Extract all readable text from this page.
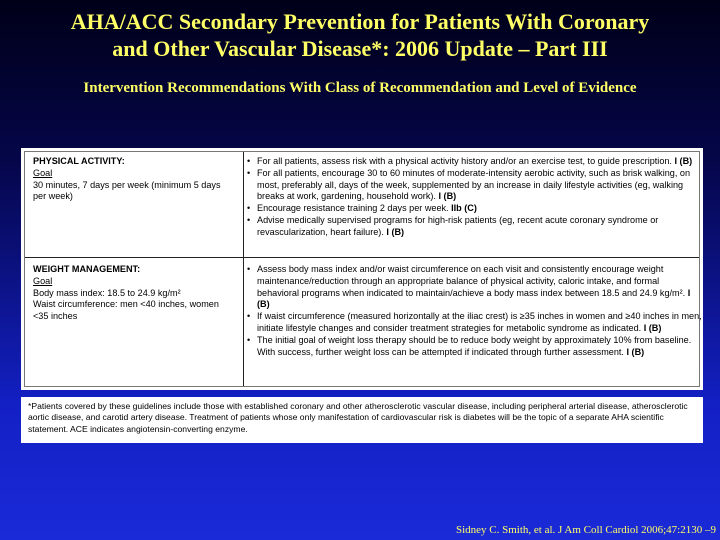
AHA/ACC Secondary Prevention for Patients With Coronary
and Other Vascular Disease*: 2006 Update – Part III
Intervention Recommendations With Class of Recommendation and Level of Evidence
PHYSICAL ACTIVITY:
Goal
30 minutes, 7 days per week (minimum 5 days per week)
• For all patients, assess risk with a physical activity history and/or an exercise test, to guide prescription. I (B)
• For all patients, encourage 30 to 60 minutes of moderate-intensity aerobic activity, such as brisk walking, on most, preferably all, days of the week, supplemented by an increase in daily lifestyle activities (eg, walking breaks at work, gardening, household work). I (B)
• Encourage resistance training 2 days per week. IIb (C)
• Advise medically supervised programs for high-risk patients (eg, recent acute coronary syndrome or revascularization, heart failure). I (B)
WEIGHT MANAGEMENT:
Goal
Body mass index: 18.5 to 24.9 kg/m²
Waist circumference: men <40 inches, women <35 inches
• Assess body mass index and/or waist circumference on each visit and consistently encourage weight maintenance/reduction through an appropriate balance of physical activity, caloric intake, and formal behavioral programs when indicated to maintain/achieve a body mass index between 18.5 and 24.9 kg/m². I (B)
• If waist circumference (measured horizontally at the iliac crest) is ≥35 inches in women and ≥40 inches in men, initiate lifestyle changes and consider treatment strategies for metabolic syndrome as indicated. I (B)
• The initial goal of weight loss therapy should be to reduce body weight by approximately 10% from baseline. With success, further weight loss can be attempted if indicated through further assessment. I (B)
*Patients covered by these guidelines include those with established coronary and other atherosclerotic vascular disease, including peripheral arterial disease, atherosclerotic aortic disease, and carotid artery disease. Treatment of patients whose only manifestation of cardiovascular risk is diabetes will be the topic of a separate AHA scientific statement. ACE indicates angiotensin-converting enzyme.
Sidney C. Smith, et al. J Am Coll Cardiol 2006;47:2130 –9
